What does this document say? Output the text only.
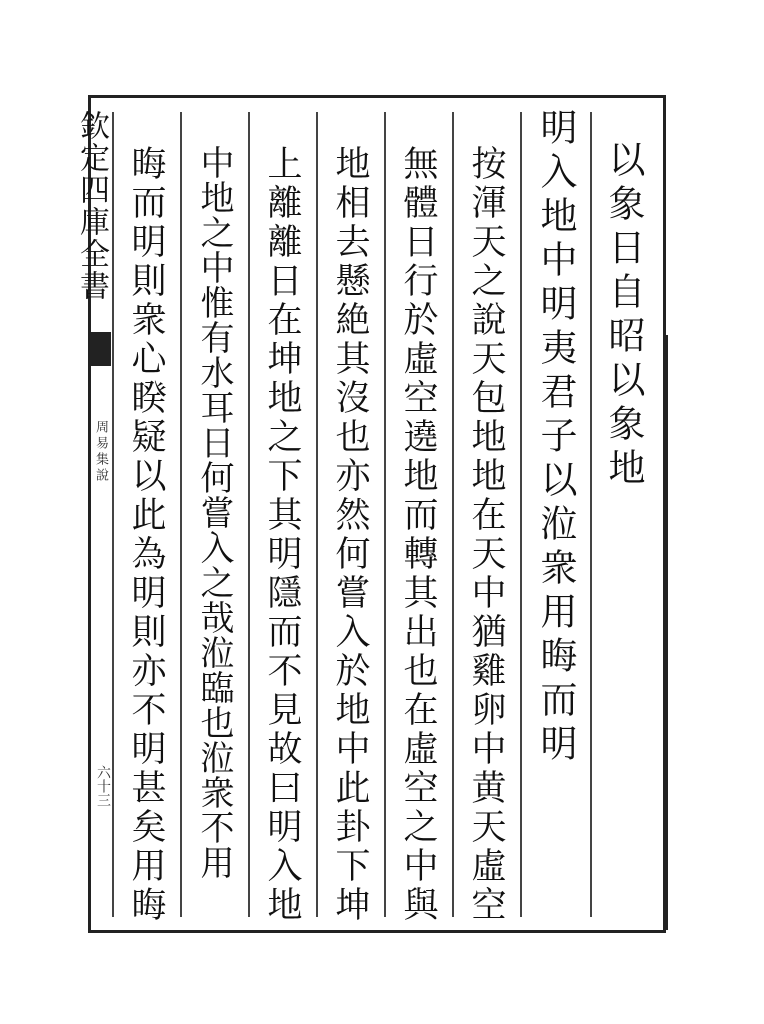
欽定四庫全書
周易集說
六十三
以象日自昭以象地
明入地中明夷君子以涖衆用晦而明
按渾天之說天包地地在天中猶雞卵中黄天虛空
無體日行於虛空遶地而轉其出也在虛空之中與
地相去懸絶其沒也亦然何嘗入於地中此卦下坤
上離離日在坤地之下其明隱而不見故曰明入地
中地之中惟有水耳日何嘗入之哉涖臨也涖衆不用
晦而明則衆心睽疑以此為明則亦不明甚矣用晦
